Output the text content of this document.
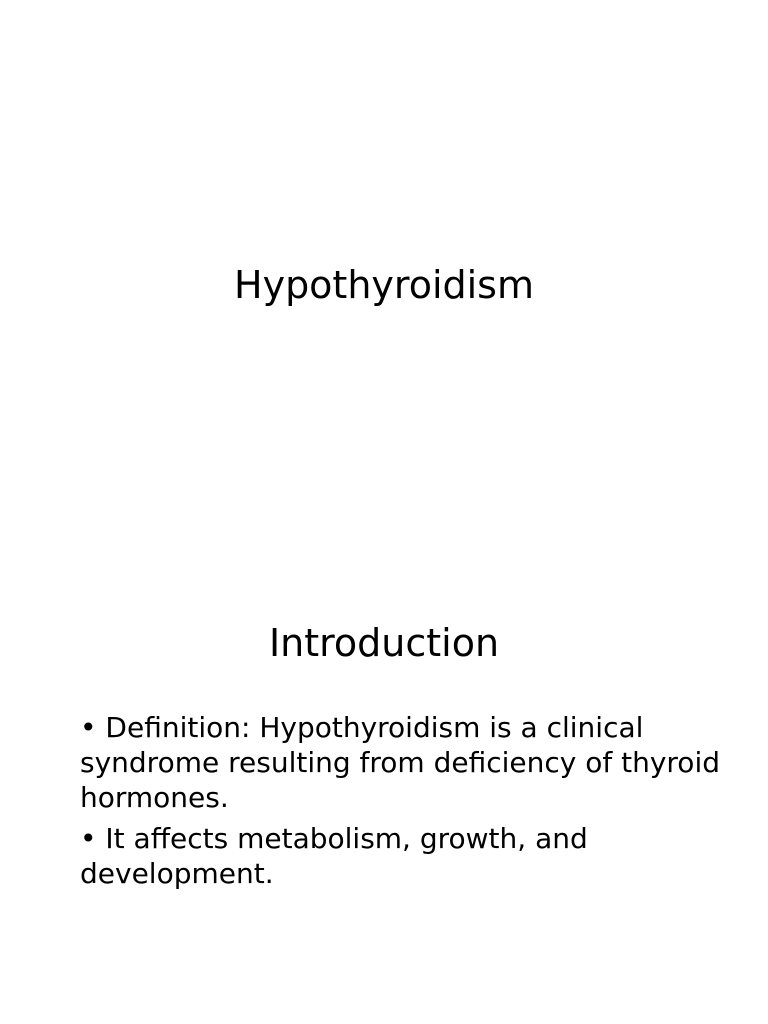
Hypothyroidism
Introduction
• Definition: Hypothyroidism is a clinical syndrome resulting from deficiency of thyroid hormones.
• It affects metabolism, growth, and development.
